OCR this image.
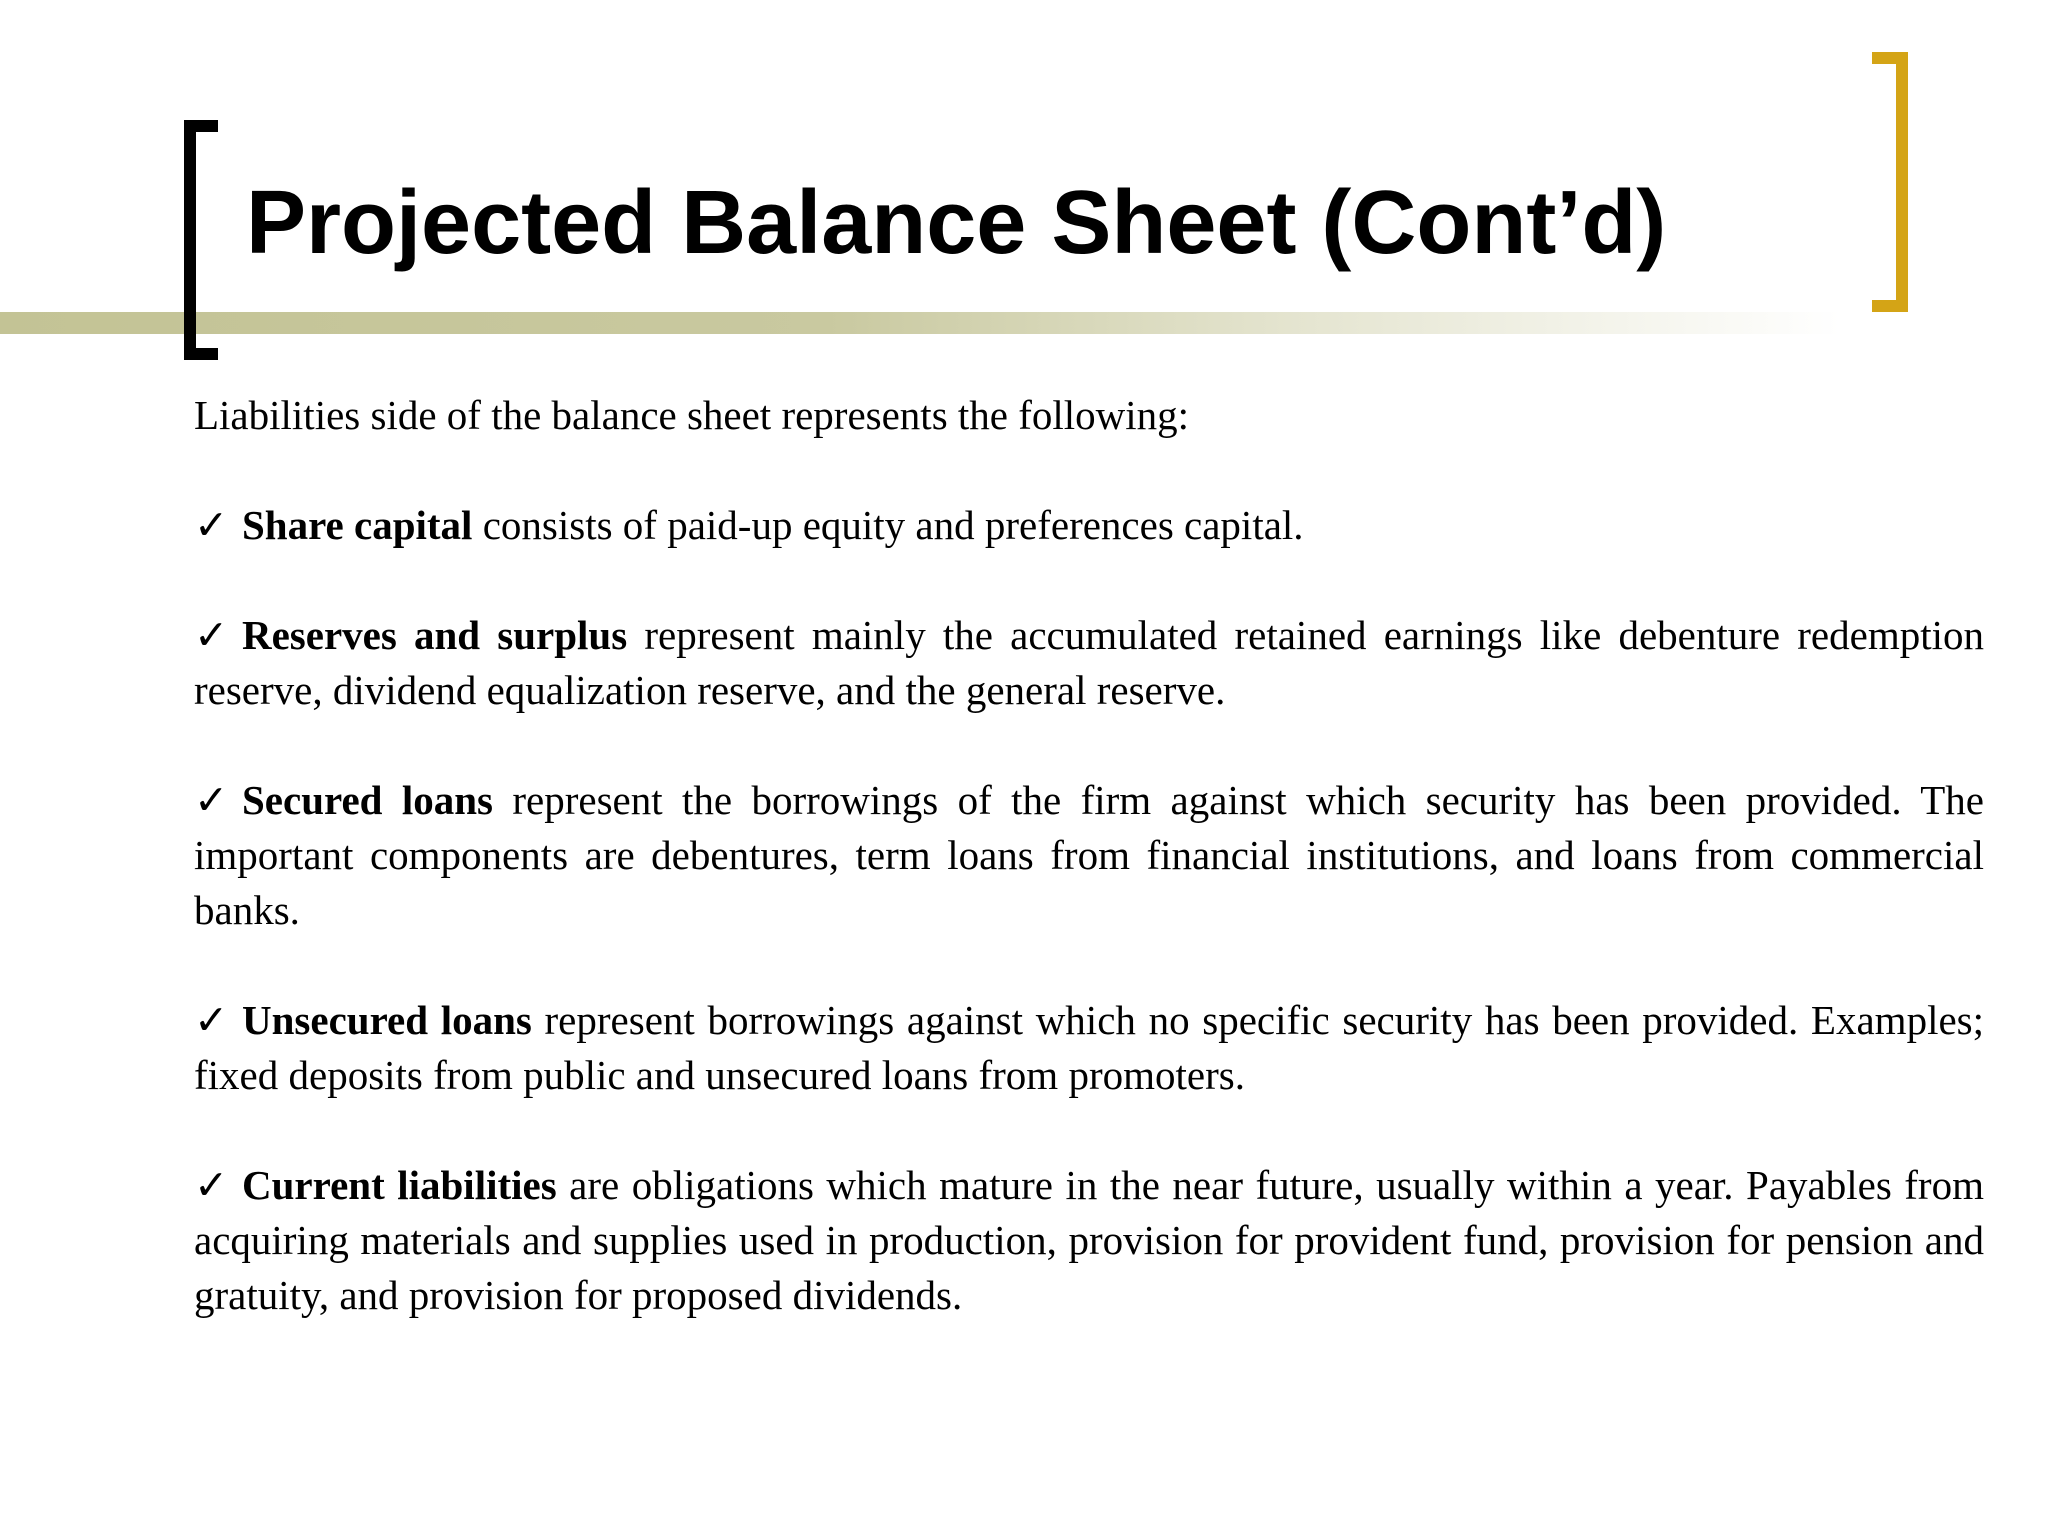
Projected Balance Sheet (Cont’d)

Liabilities side of the balance sheet represents the following:

✓ Share capital consists of paid-up equity and preferences capital.

✓ Reserves and surplus represent mainly the accumulated retained earnings like debenture redemption reserve, dividend equalization reserve, and the general reserve.

✓ Secured loans represent the borrowings of the firm against which security has been provided. The important components are debentures, term loans from financial institutions, and loans from commercial banks.

✓ Unsecured loans represent borrowings against which no specific security has been provided. Examples; fixed deposits from public and unsecured loans from promoters.

✓ Current liabilities are obligations which mature in the near future, usually within a year. Payables from acquiring materials and supplies used in production, provision for provident fund, provision for pension and gratuity, and provision for proposed dividends.
